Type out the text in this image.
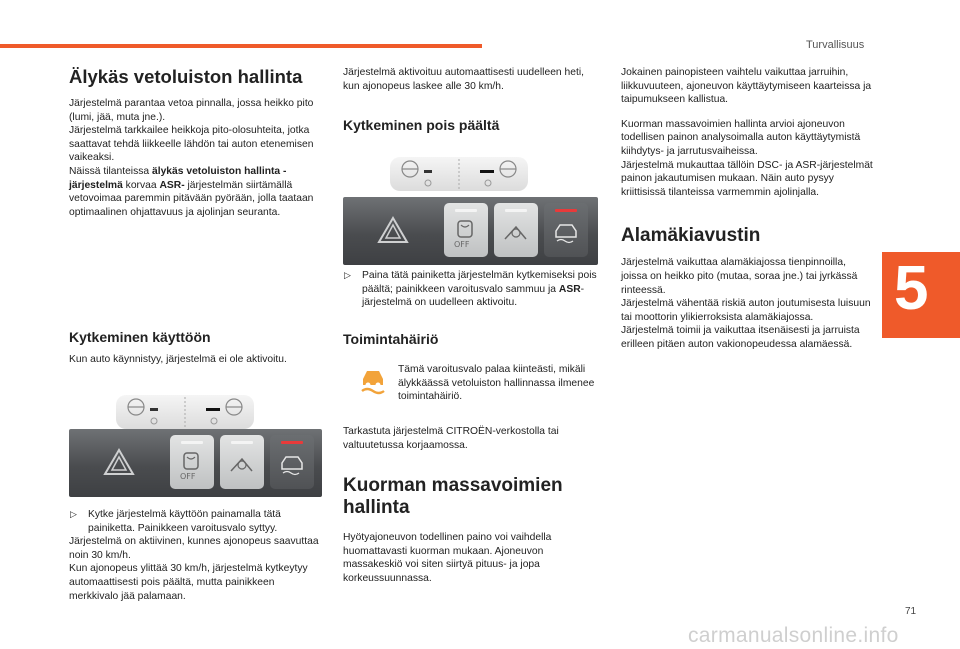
Turvallisuus
5
71
carmanualsonline.info
Älykäs vetoluiston hallinta

Järjestelmä parantaa vetoa pinnalla, jossa heikko pito (lumi, jää, muta jne.).

Järjestelmä tarkkailee heikkoja pito-olosuhteita, jotka saattavat tehdä liikkeelle lähdön tai auton etenemisen vaikeaksi.

Näissä tilanteissa älykäs vetoluiston hallinta -järjestelmä korvaa ASR- järjestelmän siirtämällä vetovoimaa paremmin pitävään pyörään, jolla taataan optimaalinen ohjattavuus ja ajolinjan seuranta.

Kytkeminen käyttöön

Kun auto käynnistyy, järjestelmä ei ole aktivoitu.

▷ Kytke järjestelmä käyttöön painamalla tätä painiketta. Painikkeen varoitusvalo syttyy.

Järjestelmä on aktiivinen, kunnes ajonopeus saavuttaa noin 30 km/h.

Kun ajonopeus ylittää 30 km/h, järjestelmä kytkeytyy automaattisesti pois päältä, mutta painikkeen merkkivalo jää palamaan.

OFF

Järjestelmä aktivoituu automaattisesti uudelleen heti, kun ajonopeus laskee alle 30 km/h.

Kytkeminen pois päältä
OFF

▷ Paina tätä painiketta järjestelmän kytkemiseksi pois päältä; painikkeen varoitusvalo sammuu ja ASR-järjestelmä on uudelleen aktivoitu.

Toimintahäiriö

Tämä varoitusvalo palaa kiinteästi, mikäli älykkäässä vetoluiston hallinnassa ilmenee toimintahäiriö.

Tarkastuta järjestelmä CITROËN-verkostolla tai valtuutetussa korjaamossa.

Kuorman massavoimien hallinta

Hyötyajoneuvon todellinen paino voi vaihdella huomattavasti kuorman mukaan. Ajoneuvon massakeskiö voi siten siirtyä pituus- ja jopa korkeussuunnassa.

Jokainen painopisteen vaihtelu vaikuttaa jarruihin, liikkuvuuteen, ajoneuvon käyttäytymiseen kaarteissa ja taipumukseen kallistua.

Kuorman massavoimien hallinta arvioi ajoneuvon todellisen painon analysoimalla auton käyttäytymistä kiihdytys- ja jarrutusvaiheissa.

Järjestelmä mukauttaa tällöin DSC- ja ASR-järjestelmät painon jakautumisen mukaan. Näin auto pysyy kriittisissä tilanteissa varmemmin ajolinjalla.

Alamäkiavustin

Järjestelmä vaikuttaa alamäkiajossa tienpinnoilla, joissa on heikko pito (mutaa, soraa jne.) tai jyrkässä rinteessä.

Järjestelmä vähentää riskiä auton joutumisesta luisuun tai moottorin ylikierroksista alamäkiajossa.

Järjestelmä toimii ja vaikuttaa itsenäisesti ja jarruista erilleen pitäen auton vakionopeudessa alamäessä.
